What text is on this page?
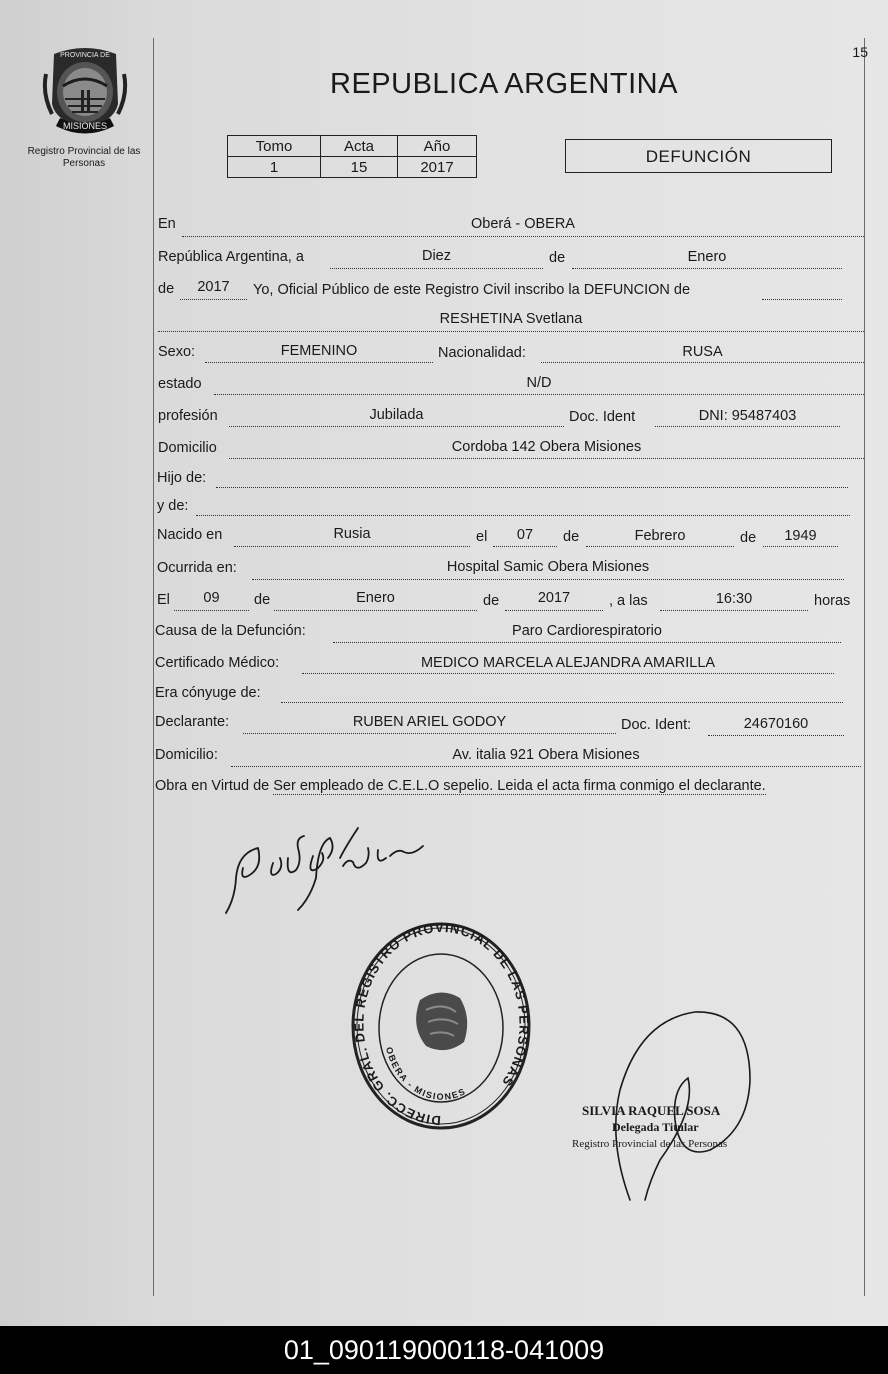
15
PROVINCIA DE
MISIONES
Registro Provincial de las Personas
REPUBLICA ARGENTINA
Tomo	Acta	Año
1	15	2017
DEFUNCIÓN
En	Oberá - OBERA
República Argentina, a	Diez	de	Enero
de	2017	Yo, Oficial Público de este Registro Civil inscribo la DEFUNCION de
RESHETINA Svetlana
Sexo:	FEMENINO	Nacionalidad:	RUSA
estado	N/D
profesión	Jubilada	Doc. Ident	DNI: 95487403
Domicilio	Cordoba 142 Obera Misiones
Hijo de:
y de:
Nacido en	Rusia	el	07	de	Febrero	de	1949
Ocurrida en:	Hospital Samic Obera Misiones
El	09	de	Enero	de	2017	, a las	16:30	horas
Causa de la Defunción:	Paro Cardiorespiratorio
Certificado Médico:	MEDICO MARCELA ALEJANDRA AMARILLA
Era cónyuge de:
Declarante:	RUBEN ARIEL GODOY	Doc. Ident:	24670160
Domicilio:	Av. italia 921 Obera Misiones
Obra en Virtud de Ser empleado de C.E.L.O sepelio. Leida el acta firma conmigo el declarante.
DIRECC. GRAL. DEL REGISTRO PROVINCIAL DE LAS PERSONAS
OBERA - MISIONES
SILVIA RAQUEL SOSA
Delegada Titular
Registro Provincial de las Personas
01_090119000118-041009
